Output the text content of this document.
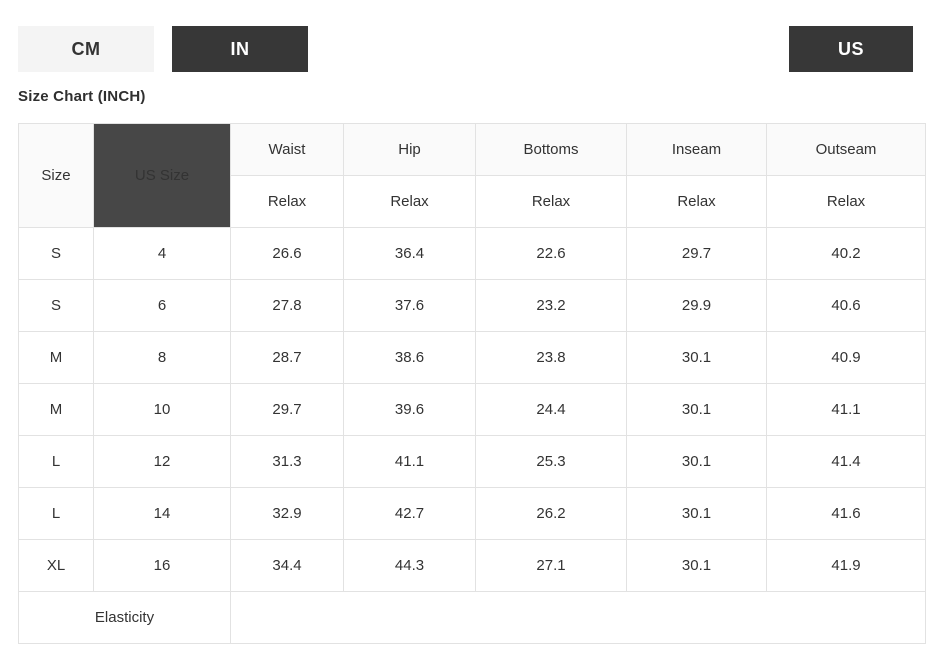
CM	IN	US
Size Chart (INCH)
Size	US Size	Waist	Hip	Bottoms	Inseam	Outseam
		Relax	Relax	Relax	Relax	Relax
S	4	26.6	36.4	22.6	29.7	40.2
S	6	27.8	37.6	23.2	29.9	40.6
M	8	28.7	38.6	23.8	30.1	40.9
M	10	29.7	39.6	24.4	30.1	41.1
L	12	31.3	41.1	25.3	30.1	41.4
L	14	32.9	42.7	26.2	30.1	41.6
XL	16	34.4	44.3	27.1	30.1	41.9
Elasticity						
